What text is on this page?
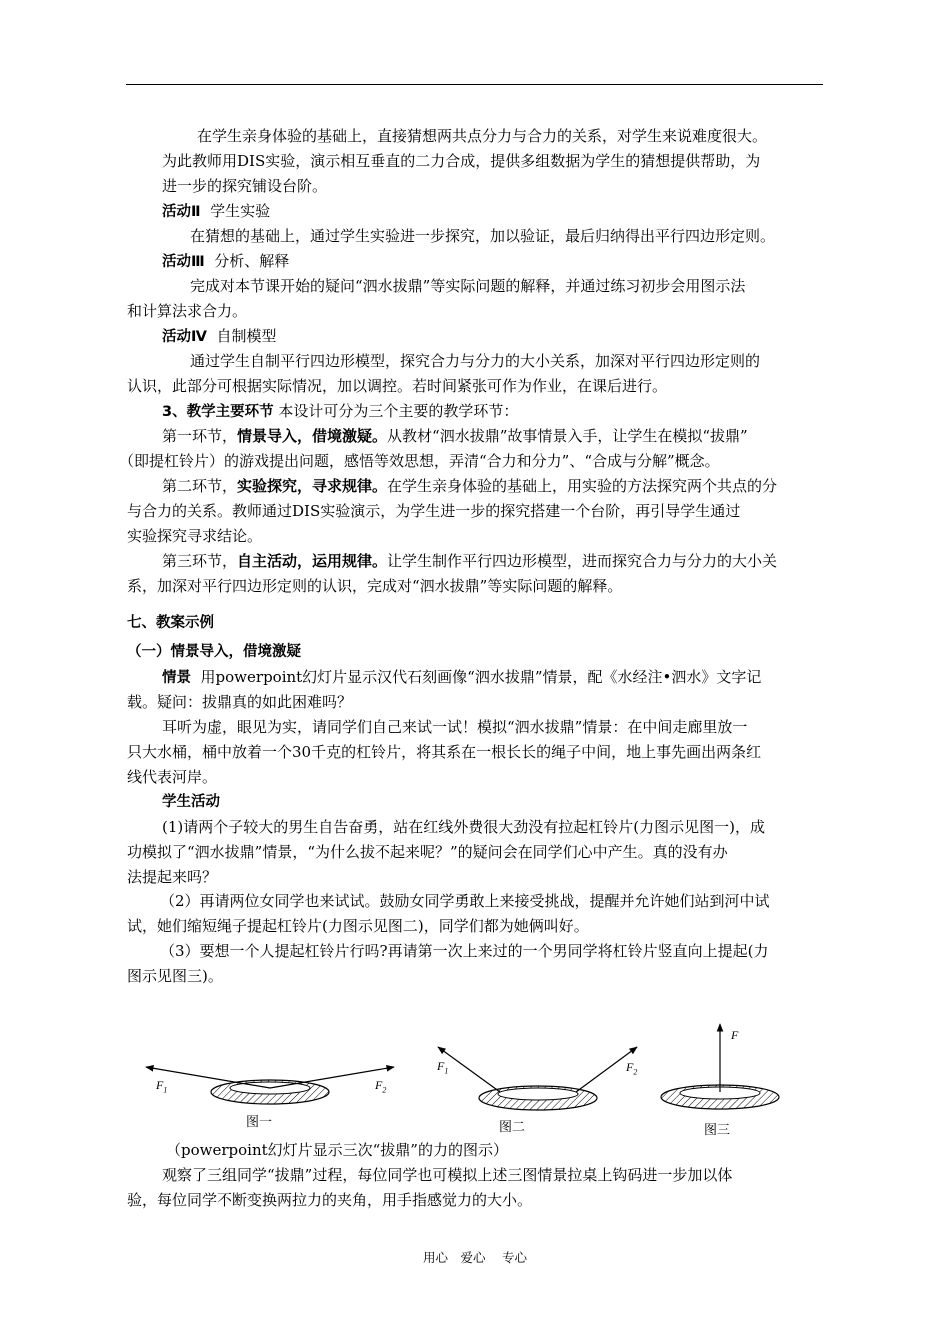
在学生亲身体验的基础上，直接猜想两共点分力与合力的关系，对学生来说难度很大。
为此教师用DIS实验，演示相互垂直的二力合成，提供多组数据为学生的猜想提供帮助，为
进一步的探究铺设台阶。
活动Ⅱ 学生实验
在猜想的基础上，通过学生实验进一步探究，加以验证，最后归纳得出平行四边形定则。
活动Ⅲ 分析、解释
完成对本节课开始的疑问“泗水拔鼎”等实际问题的解释，并通过练习初步会用图示法
和计算法求合力。
活动Ⅳ 自制模型
通过学生自制平行四边形模型，探究合力与分力的大小关系，加深对平行四边形定则的
认识，此部分可根据实际情况，加以调控。若时间紧张可作为作业，在课后进行。
3、教学主要环节 本设计可分为三个主要的教学环节：
第一环节，情景导入，借境激疑。从教材“泗水拔鼎”故事情景入手，让学生在模拟“拔鼎”
（即提杠铃片）的游戏提出问题，感悟等效思想，弄清“合力和分力”、“合成与分解”概念。
第二环节，实验探究，寻求规律。在学生亲身体验的基础上，用实验的方法探究两个共点的分
与合力的关系。教师通过DIS实验演示，为学生进一步的探究搭建一个台阶，再引导学生通过
实验探究寻求结论。
第三环节，自主活动，运用规律。让学生制作平行四边形模型，进而探究合力与分力的大小关
系，加深对平行四边形定则的认识，完成对“泗水拔鼎”等实际问题的解释。
七、教案示例
（一）情景导入，借境激疑
情景 用powerpoint幻灯片显示汉代石刻画像“泗水拔鼎”情景，配《水经注•泗水》文字记
载。疑问：拔鼎真的如此困难吗？
耳听为虚，眼见为实，请同学们自己来试一试！模拟“泗水拔鼎”情景：在中间走廊里放一
只大水桶，桶中放着一个30千克的杠铃片，将其系在一根长长的绳子中间，地上事先画出两条红
线代表河岸。
学生活动
(1)请两个子较大的男生自告奋勇，站在红线外费很大劲没有拉起杠铃片(力图示见图一)，成
功模拟了“泗水拔鼎”情景，“为什么拔不起来呢？”的疑问会在同学们心中产生。真的没有办
法提起来吗？
（2）再请两位女同学也来试试。鼓励女同学勇敢上来接受挑战，提醒并允许她们站到河中试
试，她们缩短绳子提起杠铃片(力图示见图二)，同学们都为她俩叫好。
（3）要想一个人提起杠铃片行吗?再请第一次上来过的一个男同学将杠铃片竖直向上提起(力
图示见图三)。
$F_1$	$F_2$
图一
$F_1$	$F_2$
图二
F
图三
（powerpoint幻灯片显示三次“拔鼎”的力的图示）
观察了三组同学“拔鼎”过程，每位同学也可模拟上述三图情景拉桌上钩码进一步加以体
验，每位同学不断变换两拉力的夹角，用手指感觉力的大小。
用心　爱心　 专心
